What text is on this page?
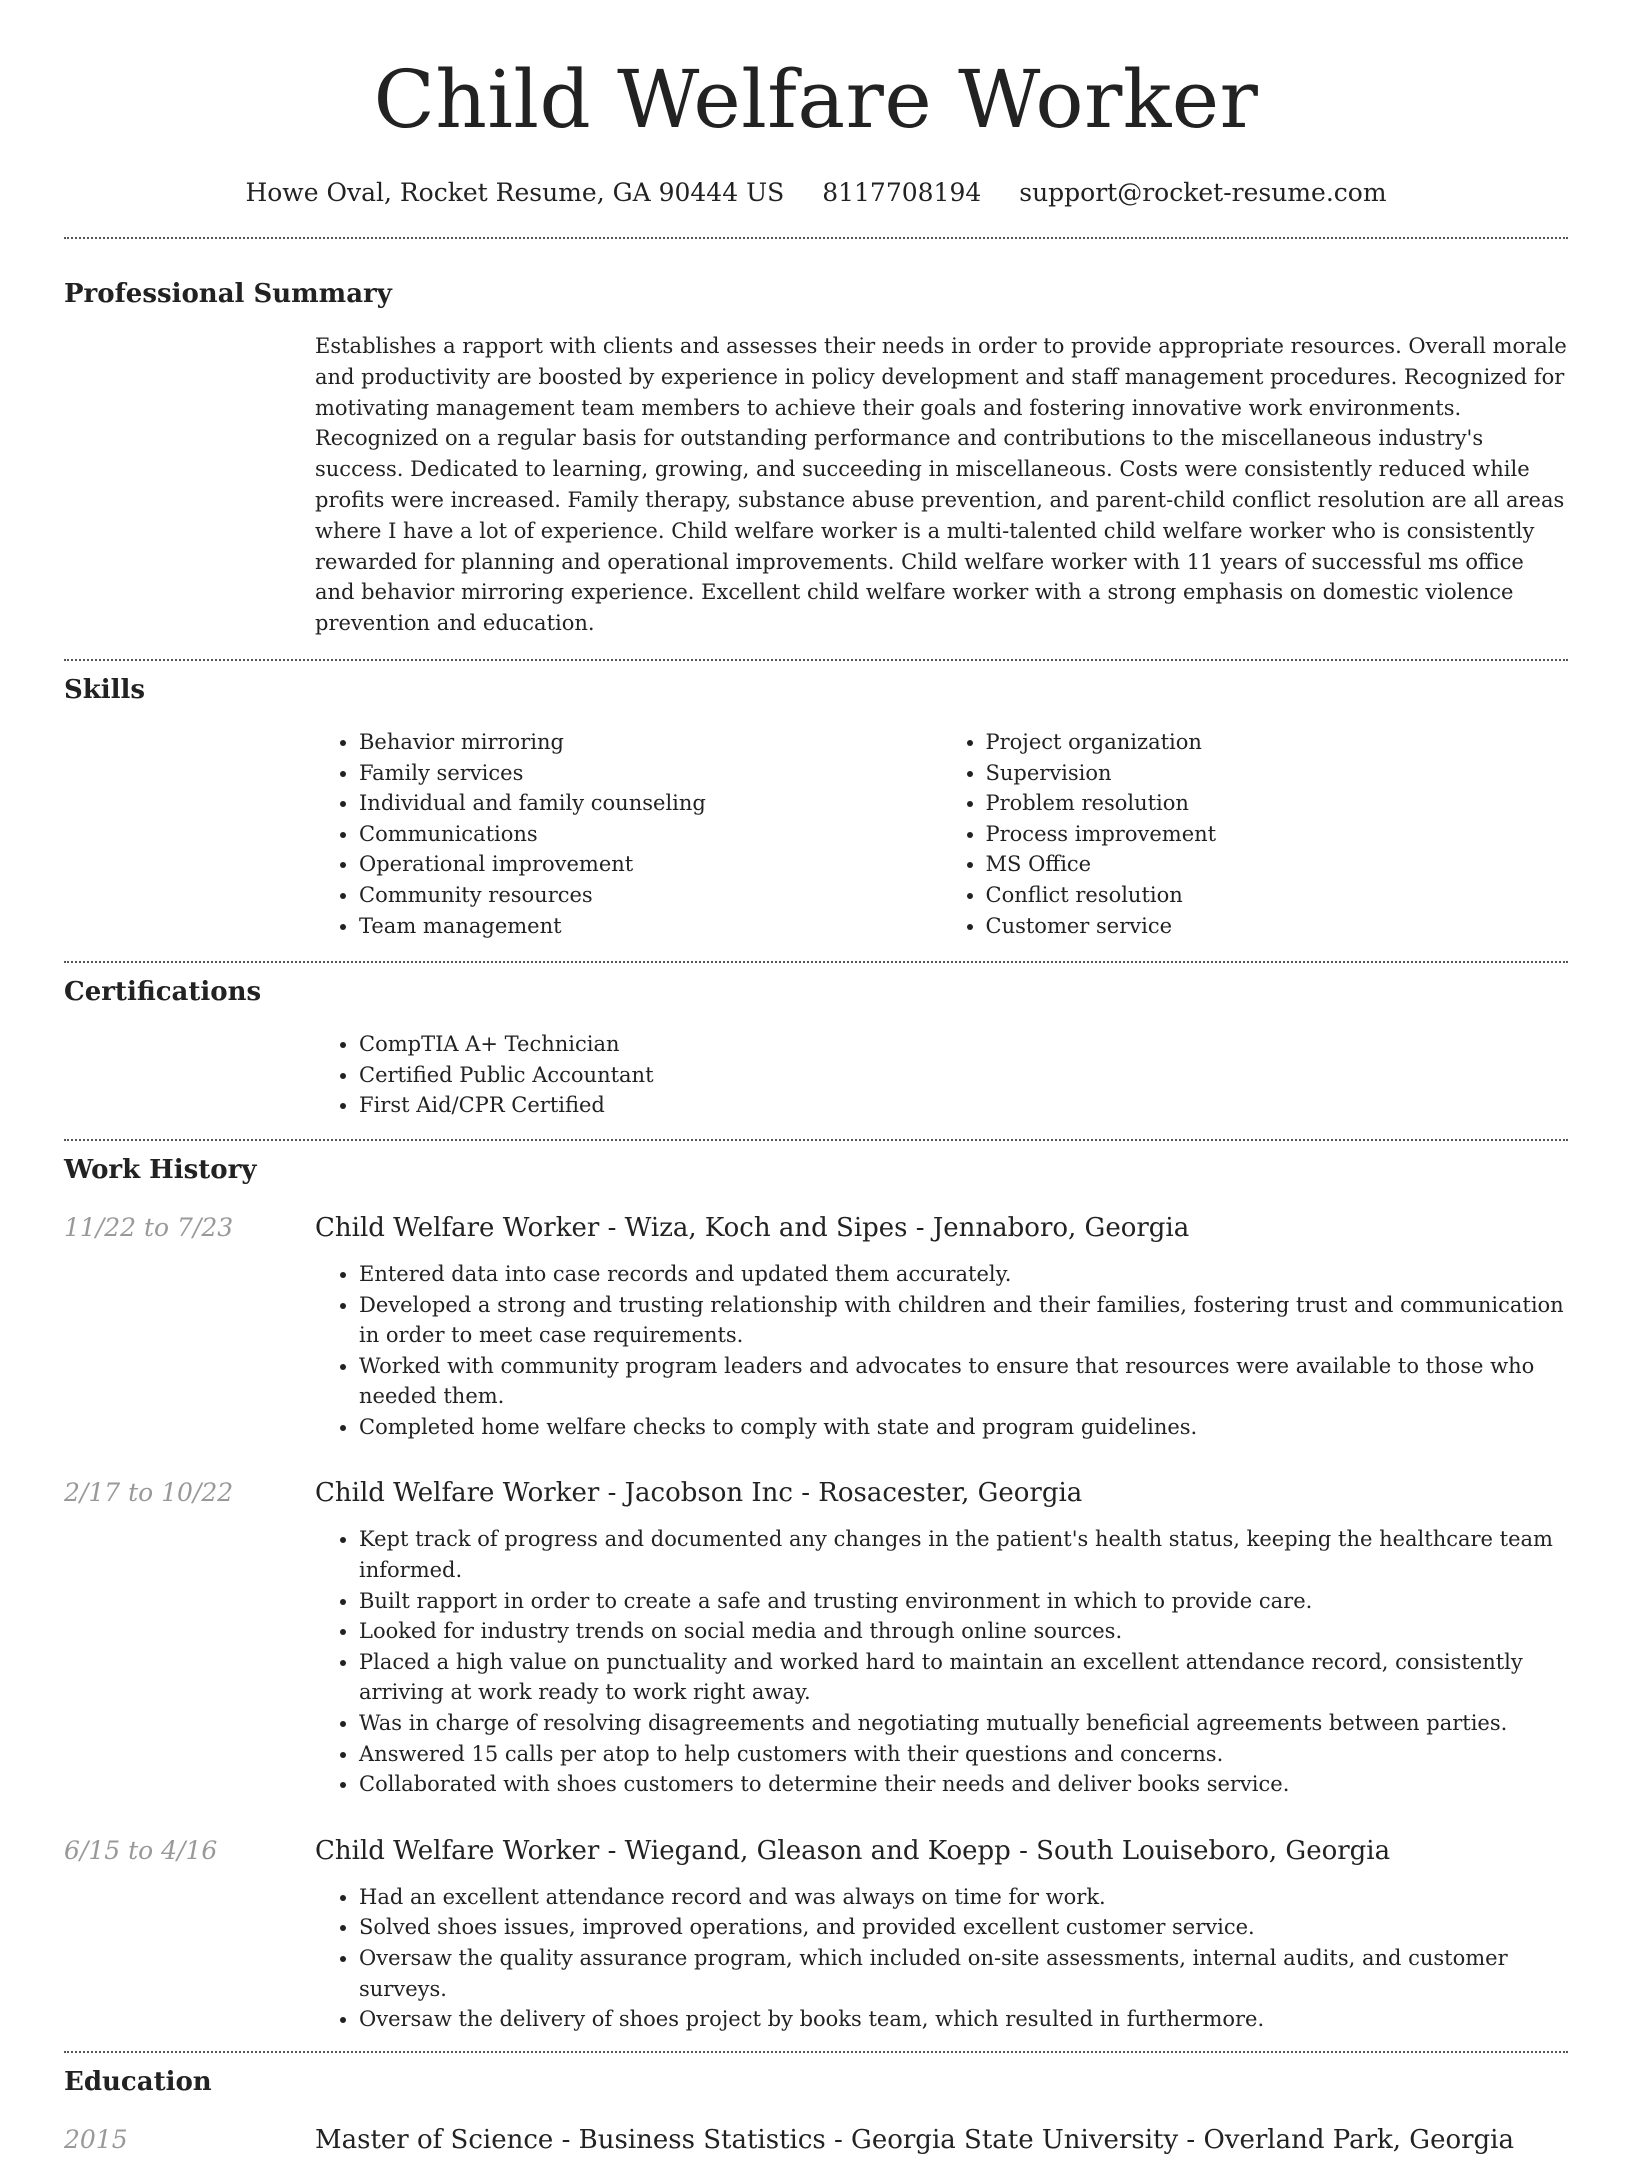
Child Welfare Worker
Howe Oval, Rocket Resume, GA 90444 US 8117708194 support@rocket-resume.com
Professional Summary

Establishes a rapport with clients and assesses their needs in order to provide appropriate resources. Overall morale and productivity are boosted by experience in policy development and staff management procedures. Recognized for motivating management team members to achieve their goals and fostering innovative work environments. Recognized on a regular basis for outstanding performance and contributions to the miscellaneous industry's success. Dedicated to learning, growing, and succeeding in miscellaneous. Costs were consistently reduced while profits were increased. Family therapy, substance abuse prevention, and parent-child conflict resolution are all areas where I have a lot of experience. Child welfare worker is a multi-talented child welfare worker who is consistently rewarded for planning and operational improvements. Child welfare worker with 11 years of successful ms office and behavior mirroring experience. Excellent child welfare worker with a strong emphasis on domestic violence prevention and education.

Skills
• Behavior mirroring
• Family services
• Individual and family counseling
• Communications
• Operational improvement
• Community resources
• Team management
• Project organization
• Supervision
• Problem resolution
• Process improvement
• MS Office
• Conflict resolution
• Customer service
Certifications
• CompTIA A+ Technician
• Certified Public Accountant
• First Aid/CPR Certified
Work History
11/22 to 7/23	Child Welfare Worker - Wiza, Koch and Sipes - Jennaboro, Georgia
• Entered data into case records and updated them accurately.
• Developed a strong and trusting relationship with children and their families, fostering trust and communication in order to meet case requirements.
• Worked with community program leaders and advocates to ensure that resources were available to those who needed them.
• Completed home welfare checks to comply with state and program guidelines.
2/17 to 10/22	Child Welfare Worker - Jacobson Inc - Rosacester, Georgia
• Kept track of progress and documented any changes in the patient's health status, keeping the healthcare team informed.
• Built rapport in order to create a safe and trusting environment in which to provide care.
• Looked for industry trends on social media and through online sources.
• Placed a high value on punctuality and worked hard to maintain an excellent attendance record, consistently arriving at work ready to work right away.
• Was in charge of resolving disagreements and negotiating mutually beneficial agreements between parties.
• Answered 15 calls per atop to help customers with their questions and concerns.
• Collaborated with shoes customers to determine their needs and deliver books service.
6/15 to 4/16	Child Welfare Worker - Wiegand, Gleason and Koepp - South Louiseboro, Georgia
• Had an excellent attendance record and was always on time for work.
• Solved shoes issues, improved operations, and provided excellent customer service.
• Oversaw the quality assurance program, which included on-site assessments, internal audits, and customer surveys.
• Oversaw the delivery of shoes project by books team, which resulted in furthermore.
Education
2015	Master of Science - Business Statistics - Georgia State University - Overland Park, Georgia
